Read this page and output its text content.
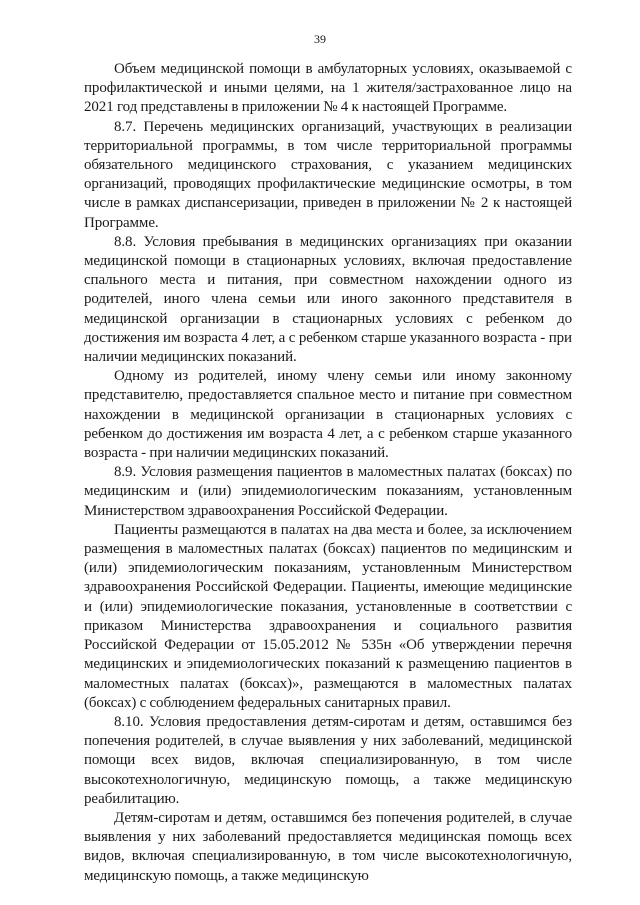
39

Объем медицинской помощи в амбулаторных условиях, оказываемой с профилактической и иными целями, на 1 жителя/застрахованное лицо на 2021 год представлены в приложении № 4 к настоящей Программе.

8.7. Перечень медицинских организаций, участвующих в реализации территориальной программы, в том числе территориальной программы обязательного медицинского страхования, с указанием медицинских организаций, проводящих профилактические медицинские осмотры, в том числе в рамках диспансеризации, приведен в приложении № 2 к настоящей Программе.

8.8. Условия пребывания в медицинских организациях при оказании медицинской помощи в стационарных условиях, включая предоставление спального места и питания, при совместном нахождении одного из родителей, иного члена семьи или иного законного представителя в медицинской организации в стационарных условиях с ребенком до достижения им возраста 4 лет, а с ребенком старше указанного возраста - при наличии медицинских показаний.

Одному из родителей, иному члену семьи или иному законному представителю, предоставляется спальное место и питание при совместном нахождении в медицинской организации в стационарных условиях с ребенком до достижения им возраста 4 лет, а с ребенком старше указанного возраста - при наличии медицинских показаний.

8.9. Условия размещения пациентов в маломестных палатах (боксах) по медицинским и (или) эпидемиологическим показаниям, установленным Министерством здравоохранения Российской Федерации.

Пациенты размещаются в палатах на два места и более, за исключением размещения в маломестных палатах (боксах) пациентов по медицинским и (или) эпидемиологическим показаниям, установленным Министерством здравоохранения Российской Федерации. Пациенты, имеющие медицинские и (или) эпидемиологические показания, установленные в соответствии с приказом Министерства здравоохранения и социального развития Российской Федерации от 15.05.2012 № 535н «Об утверждении перечня медицинских и эпидемиологических показаний к размещению пациентов в маломестных палатах (боксах)», размещаются в маломестных палатах (боксах) с соблюдением федеральных санитарных правил.

8.10. Условия предоставления детям-сиротам и детям, оставшимся без попечения родителей, в случае выявления у них заболеваний, медицинской помощи всех видов, включая специализированную, в том числе высокотехнологичную, медицинскую помощь, а также медицинскую реабилитацию.

Детям-сиротам и детям, оставшимся без попечения родителей, в случае выявления у них заболеваний предоставляется медицинская помощь всех видов, включая специализированную, в том числе высокотехнологичную, медицинскую помощь, а также медицинскую
